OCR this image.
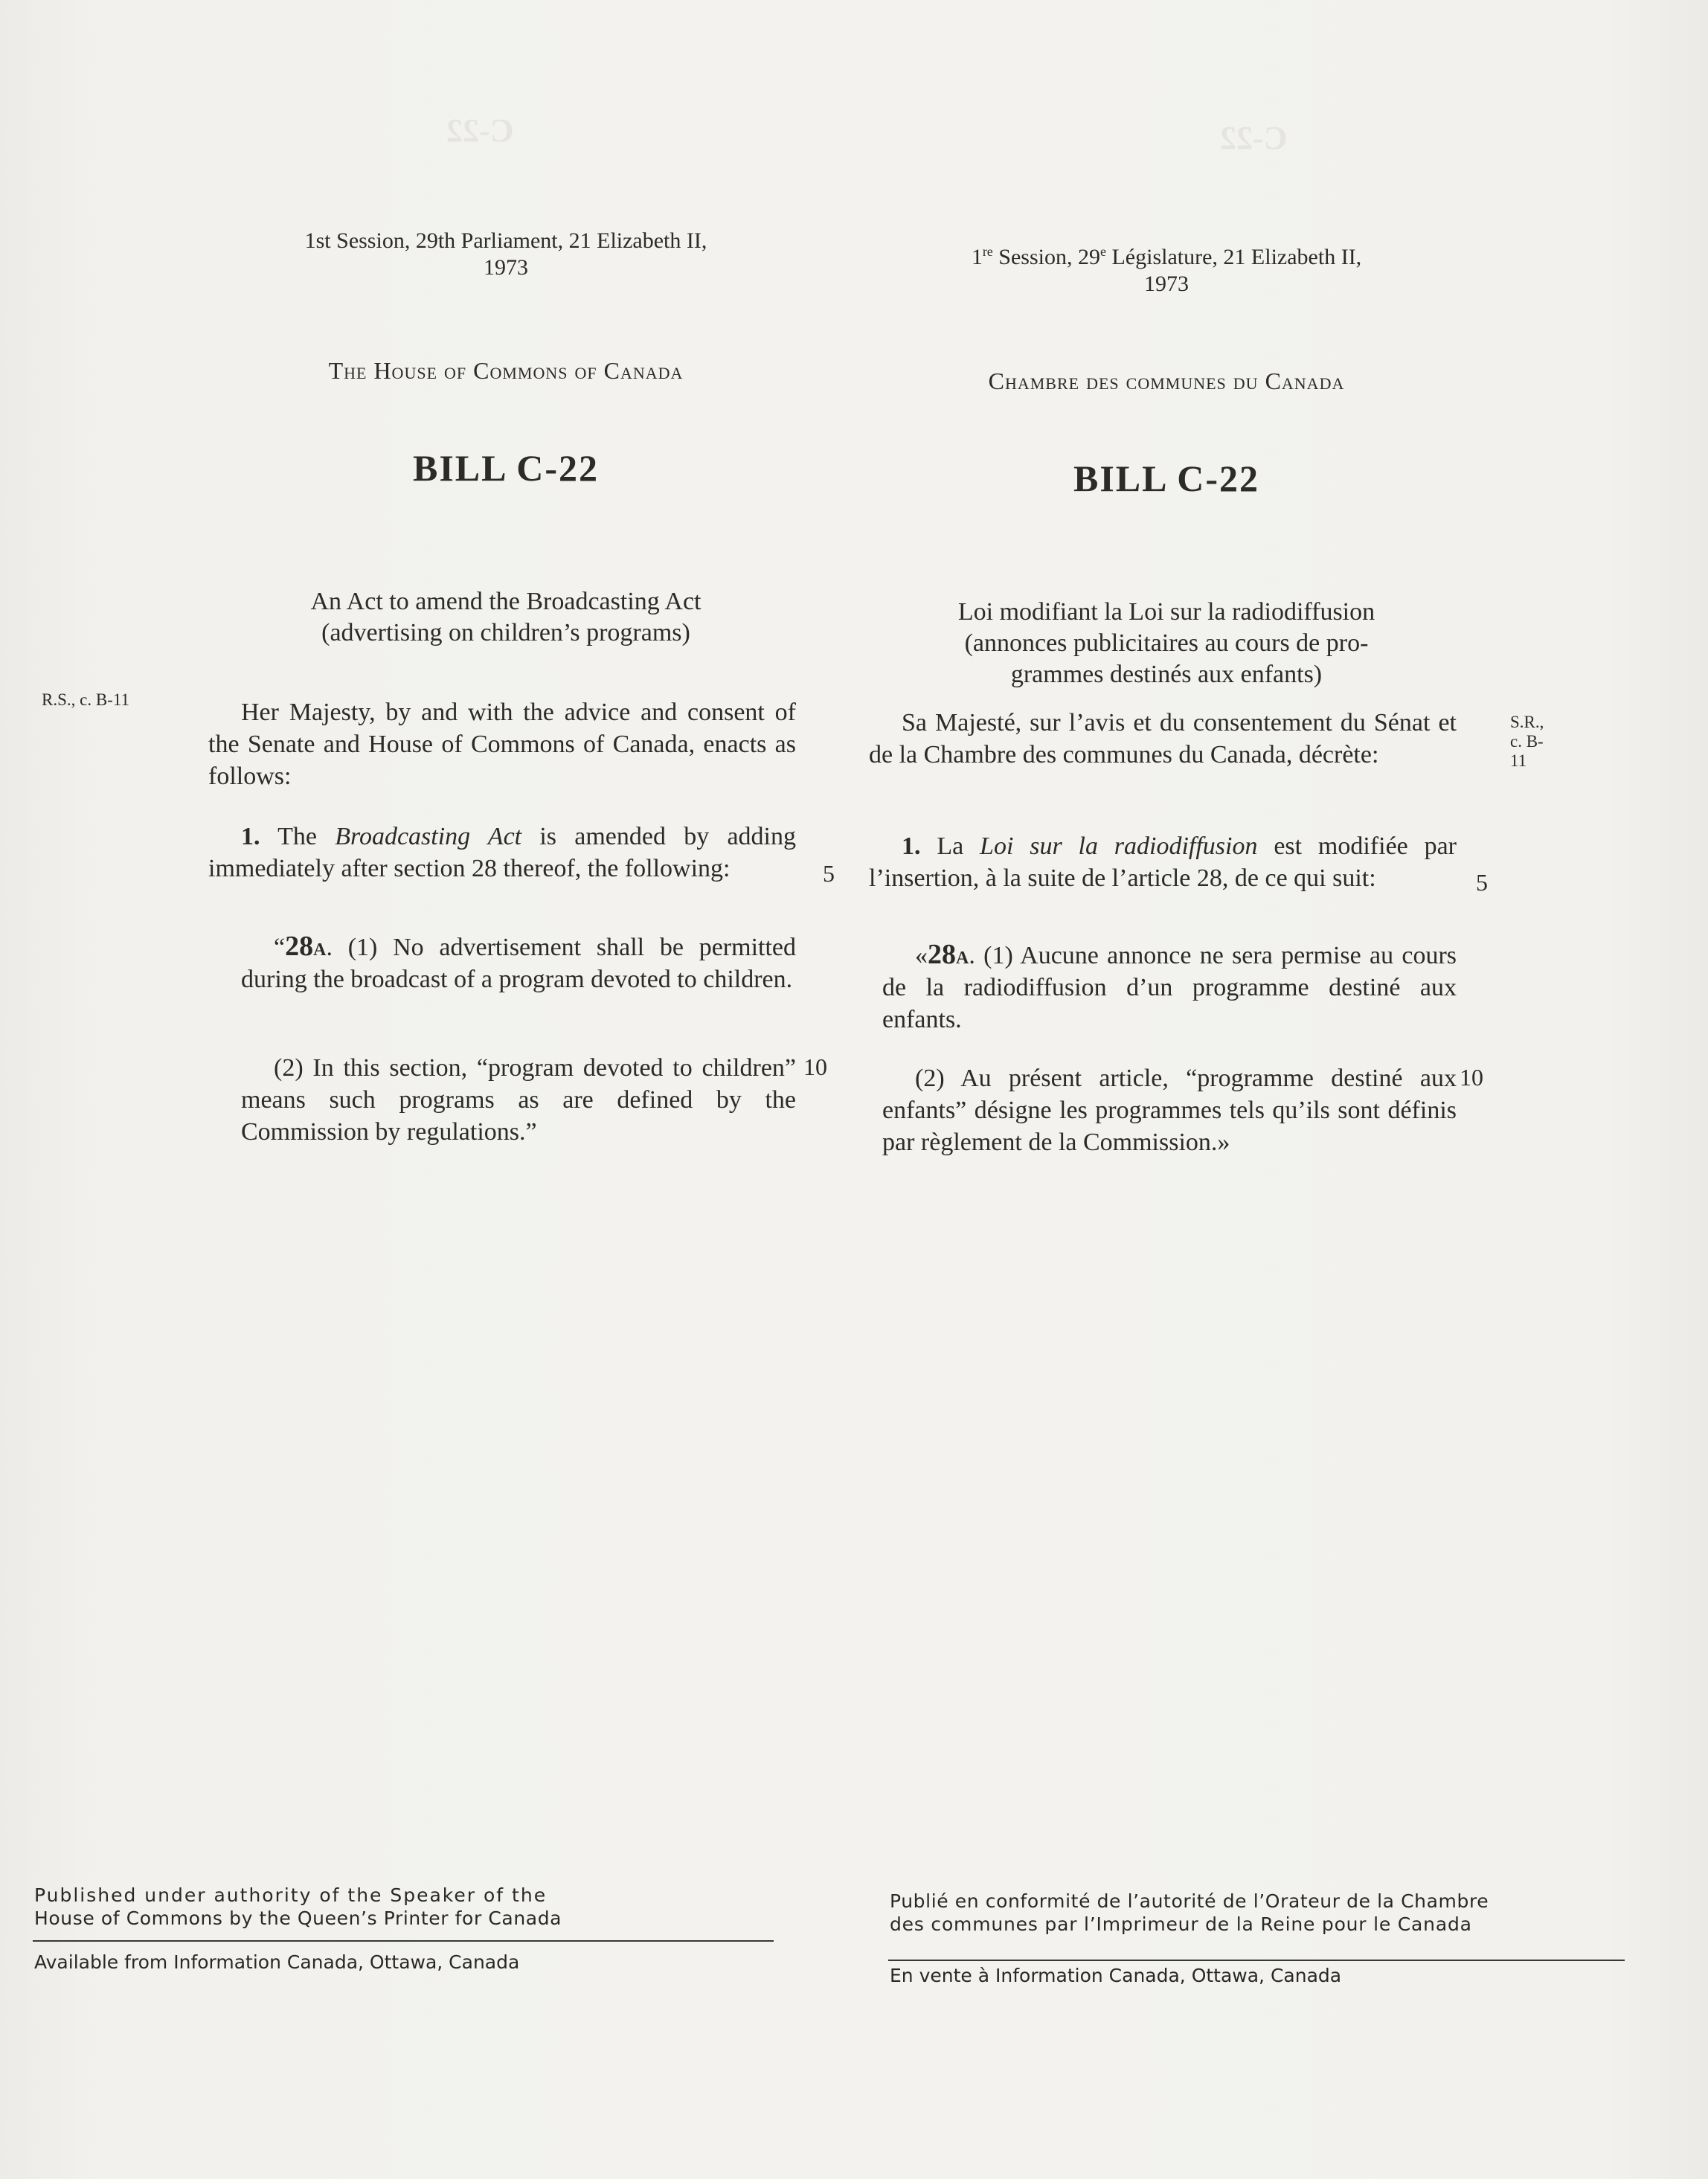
C-22	C-22
1st Session, 29th Parliament, 21 Elizabeth II,
1973
The House of Commons of Canada
BILL C-22
An Act to amend the Broadcasting Act
(advertising on children’s programs)
R.S., c. B-11	Her Majesty, by and with the advice and consent of the Senate and House of Commons of Canada, enacts as follows:

1. The Broadcasting Act is amended by adding immediately after section 28 thereof, the following:	5

“28a. (1) No advertisement shall be permitted during the broadcast of a program devoted to children.

(2) In this section, “program devoted to children” means such programs as are defined by the Commission by regulations.”

10
1re Session, 29e Législature, 21 Elizabeth II,
1973
Chambre des communes du Canada
BILL C-22
Loi modifiant la Loi sur la radiodiffusion
(annonces publicitaires au cours de pro-
grammes destinés aux enfants)
S.R., c. B-11

Sa Majesté, sur l’avis et du consentement du Sénat et de la Chambre des communes du Canada, décrète:

1. La Loi sur la radiodiffusion est modifiée par l’insertion, à la suite de l’article 28, de ce qui suit:	5

«28a. (1) Aucune annonce ne sera permise au cours de la radiodiffusion d’un programme destiné aux enfants.

(2) Au présent article, “programme destiné aux enfants” désigne les programmes tels qu’ils sont définis par règlement de la Commission.»

10
Published under authority of the Speaker of the
House of Commons by the Queen’s Printer for Canada
Available from Information Canada, Ottawa, Canada
Publié en conformité de l’autorité de l’Orateur de la Chambre
des communes par l’Imprimeur de la Reine pour le Canada
En vente à Information Canada, Ottawa, Canada
